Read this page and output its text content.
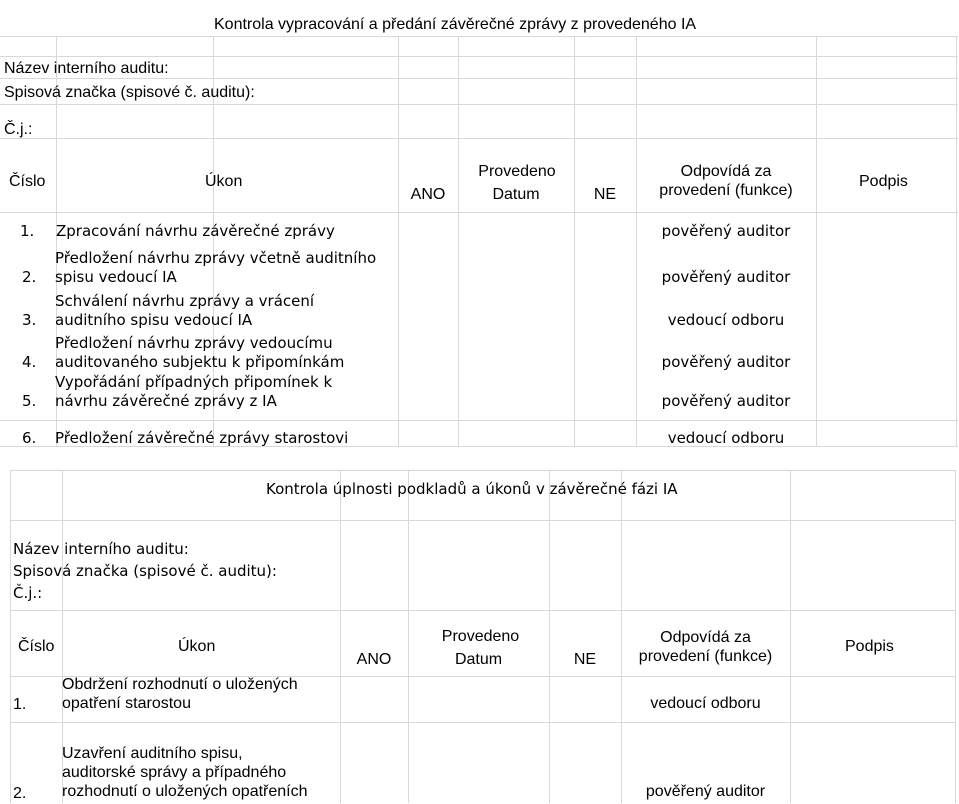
Kontrola vypracování a předání závěrečné zprávy z provedeného IA
Název interního auditu:
Spisová značka (spisové č. auditu):
Č.j.:
Číslo	Úkon
Provedeno
ANO	Datum	NE
Odpovídá za
provedení (funkce)
Podpis
1. Zpracování návrhu závěrečné zprávy	pověřený auditor
2.
Předložení návrhu zprávy včetně auditního
spisu vedoucí IA	pověřený auditor
3.
Schválení návrhu zprávy a vrácení
auditního spisu vedoucí IA	vedoucí odboru
4.
Předložení návrhu zprávy vedoucímu
auditovaného subjektu k připomínkám	pověřený auditor
5.
Vypořádání případných připomínek k
návrhu závěrečné zprávy z IA	pověřený auditor
6. Předložení závěrečné zprávy starostovi	vedoucí odboru
Kontrola úplnosti podkladů a úkonů v závěrečné fázi IA
Název interního auditu:
Spisová značka (spisové č. auditu):
Č.j.:
Číslo	Úkon
Provedeno
ANO	Datum	NE
Odpovídá za
provedení (funkce)
Podpis
1.
Obdržení rozhodnutí o uložených
opatření starostou	vedoucí odboru
2.
Uzavření auditního spisu,
auditorské správy a případného
rozhodnutí o uložených opatřeních	pověřený auditor
